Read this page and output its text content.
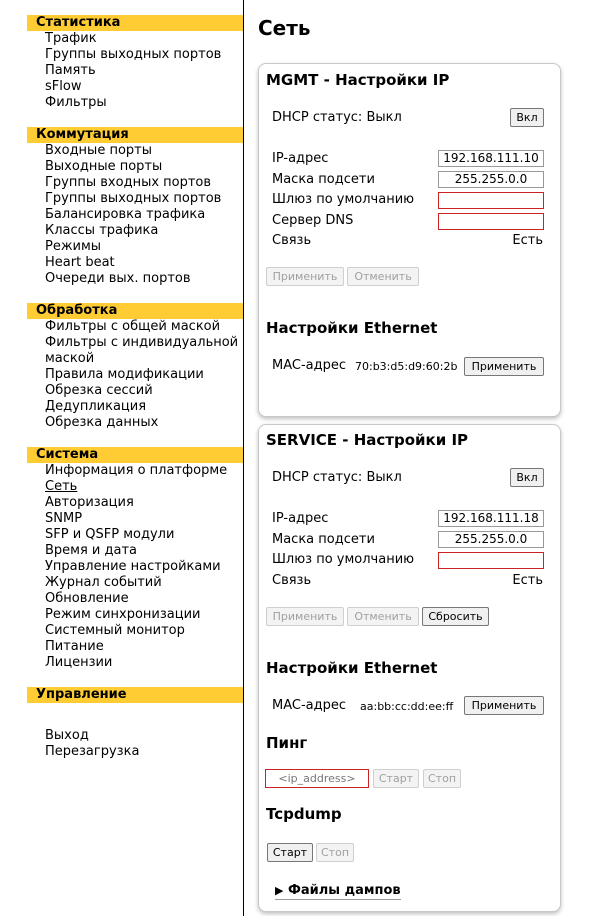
Статистика
Трафик
Группы выходных портов
Память
sFlow
Фильтры
Коммутация
Входные порты
Выходные порты
Группы входных портов
Группы выходных портов
Балансировка трафика
Классы трафика
Режимы
Heart beat
Очереди вых. портов
Обработка
Фильтры с общей маской
Фильтры с индивидуальной маской
Правила модификации
Обрезка сессий
Дедупликация
Обрезка данных
Система
Информация о платформе
Сеть
Авторизация
SNMP
SFP и QSFP модули
Время и дата
Управление настройками
Журнал событий
Обновление
Режим синхронизации
Системный монитор
Питание
Лицензии
Управление
Выход
Перезагрузка
Сеть
MGMT - Настройки IP
DHCP статус: Выкл	Вкл
IP-адрес	192.168.111.10
Маска подсети	255.255.0.0
Шлюз по умолчанию
Сервер DNS
Связь	Есть
Применить	Отменить
Настройки Ethernet
MAC-адрес 70:b3:d5:d9:60:2b	Применить
SERVICE - Настройки IP
DHCP статус: Выкл	Вкл
IP-адрес	192.168.111.18
Маска подсети	255.255.0.0
Шлюз по умолчанию
Связь	Есть
Применить	Отменить	Сбросить
Настройки Ethernet
MAC-адрес aa:bb:cc:dd:ee:ff	Применить
Пинг
<ip_address>	Старт	Стоп
Tcpdump
Старт	Стоп
▶ Файлы дампов
